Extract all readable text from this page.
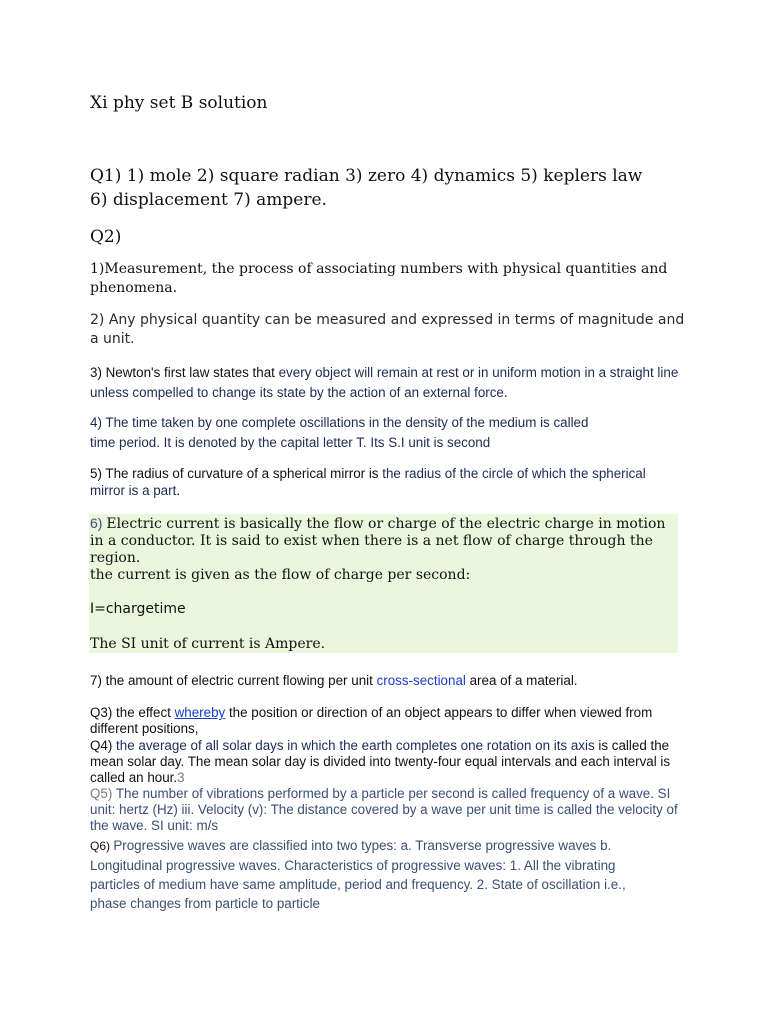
Xi phy set B solution

Q1) 1) mole 2) square radian 3) zero 4) dynamics 5) keplers law

6) displacement 7) ampere.

Q2)

1)Measurement, the process of associating numbers with physical quantities and phenomena.

2) Any physical quantity can be measured and expressed in terms of magnitude and a unit.

3) Newton's first law states that every object will remain at rest or in uniform motion in a straight line unless compelled to change its state by the action of an external force.

4) The time taken by one complete oscillations in the density of the medium is called

time period. It is denoted by the capital letter T. Its S.I unit is second

5) The radius of curvature of a spherical mirror is the radius of the circle of which the spherical mirror is a part.

6) Electric current is basically the flow or charge of the electric charge in motion in a conductor. It is said to exist when there is a net flow of charge through the region.

the current is given as the flow of charge per second:

I=chargetime

The SI unit of current is Ampere.

7) the amount of electric current flowing per unit cross-sectional area of a material.

Q3) the effect whereby the position or direction of an object appears to differ when viewed from different positions,

Q4) the average of all solar days in which the earth completes one rotation on its axis is called the mean solar day. The mean solar day is divided into twenty-four equal intervals and each interval is called an hour.3

Q5) The number of vibrations performed by a particle per second is called frequency of a wave. SI unit: hertz (Hz) iii. Velocity (v): The distance covered by a wave per unit time is called the velocity of the wave. SI unit: m/s

Q6) Progressive waves are classified into two types: a. Transverse progressive waves b. Longitudinal progressive waves. Characteristics of progressive waves: 1. All the vibrating particles of medium have same amplitude, period and frequency. 2. State of oscillation i.e., phase changes from particle to particle
